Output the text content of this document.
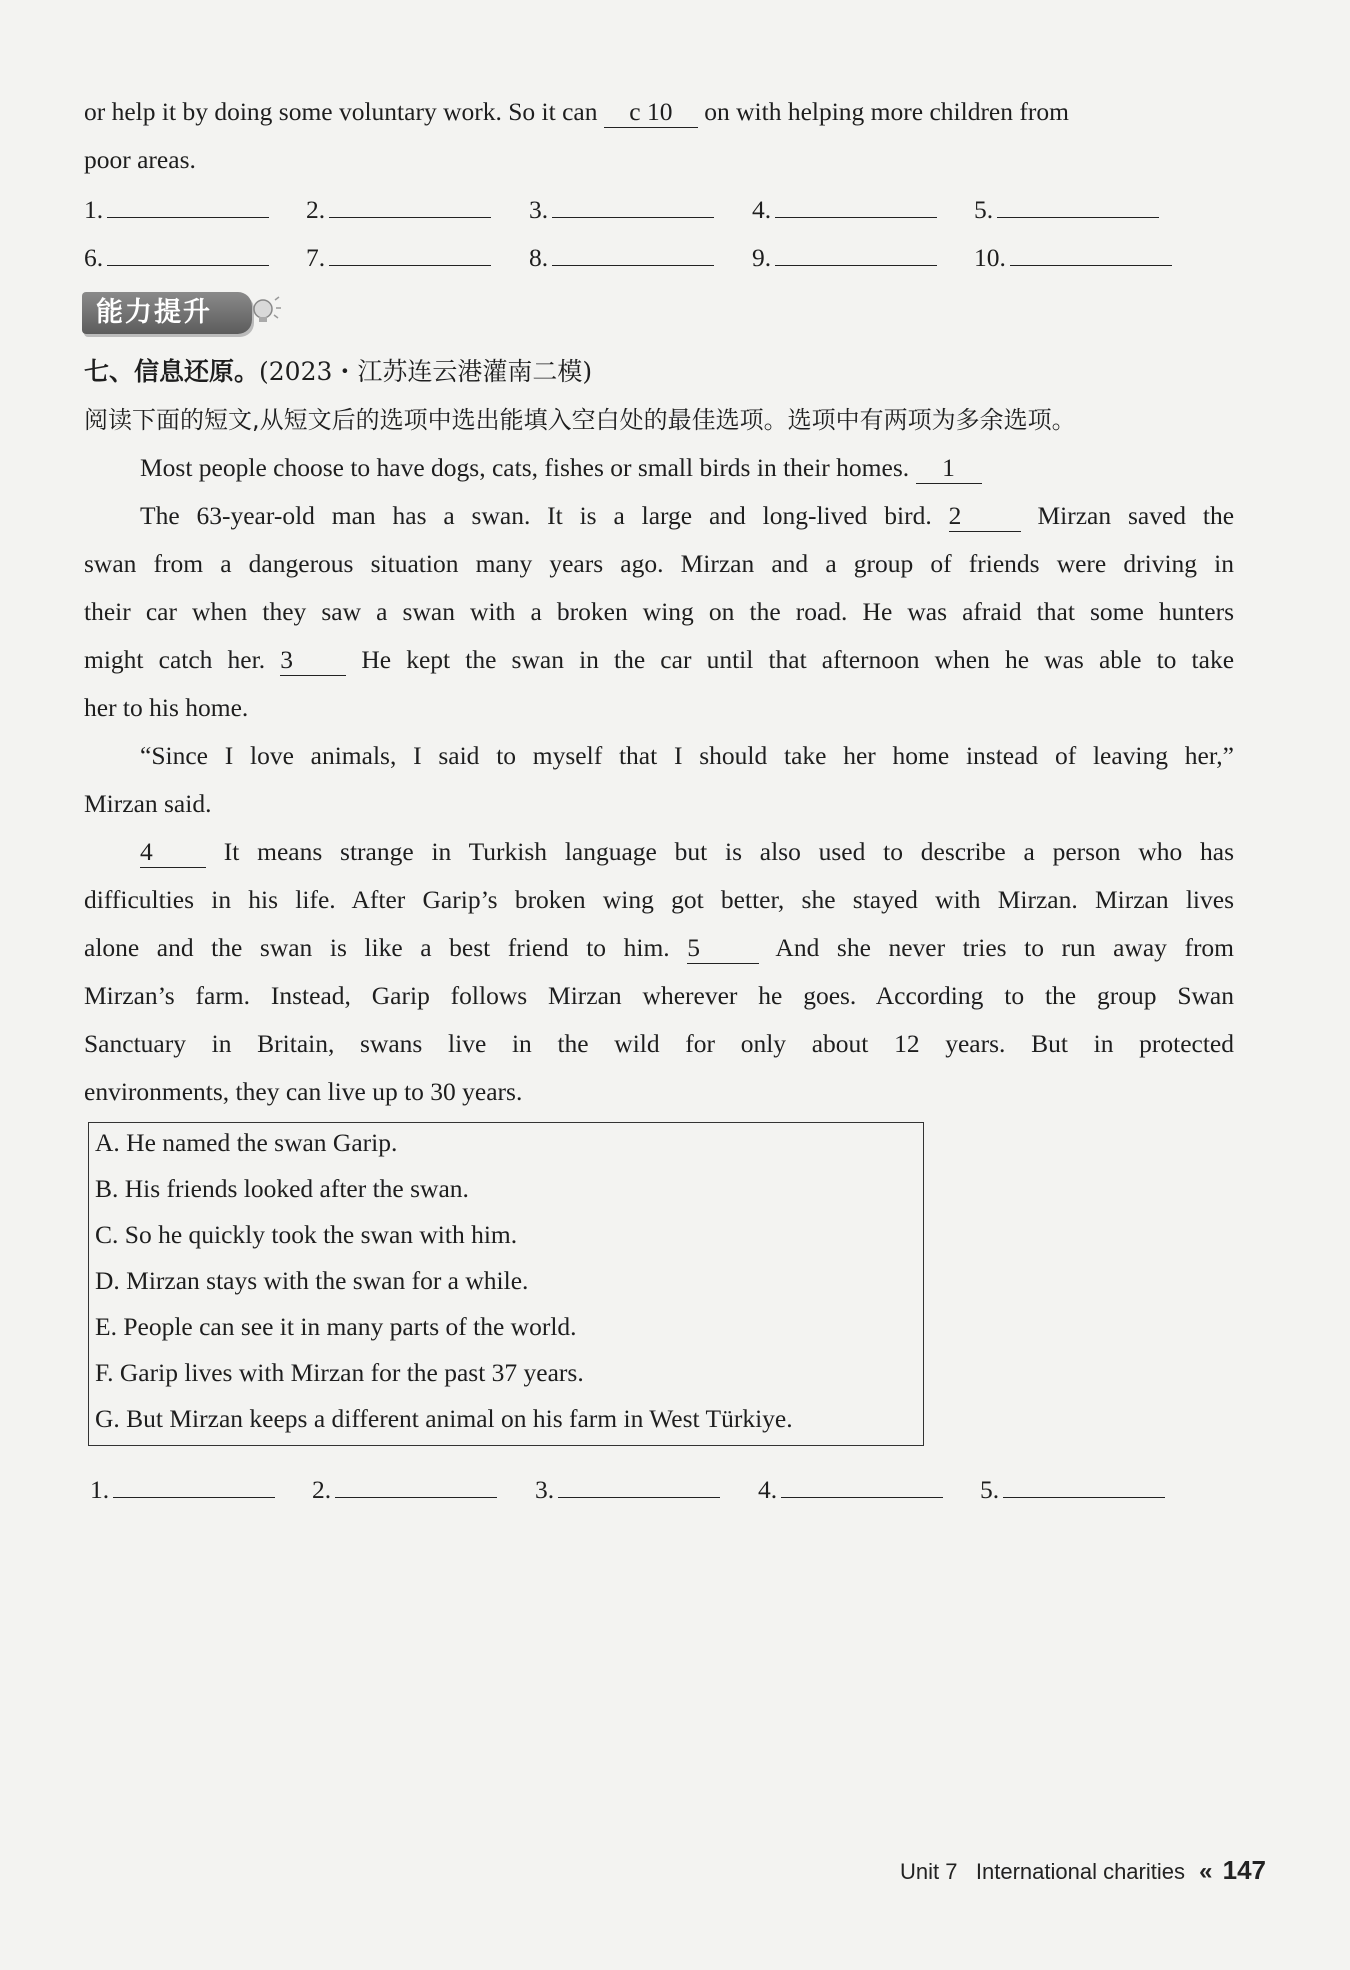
or help it by doing some voluntary work. So it can c 10 on with helping more children from
poor areas.
1.	2.	3.	4.	5.
6.	7.	8.	9.	10.
能力提升
七、信息还原。(2023・江苏连云港灌南二模)
阅读下面的短文,从短文后的选项中选出能填入空白处的最佳选项。选项中有两项为多余选项。
Most people choose to have dogs, cats, fishes or small birds in their homes. 1
The 63-year-old man has a swan. It is a large and long-lived bird. 2	Mirzan saved the
swan from a dangerous situation many years ago. Mirzan and a group of friends were driving in
their car when they saw a swan with a broken wing on the road. He was afraid that some hunters
might catch her. 3	He kept the swan in the car until that afternoon when he was able to take
her to his home.
“Since I love animals, I said to myself that I should take her home instead of leaving her,”
Mirzan said.
4	It means strange in Turkish language but is also used to describe a person who has
difficulties in his life. After Garip’s broken wing got better, she stayed with Mirzan. Mirzan lives
alone and the swan is like a best friend to him. 5	And she never tries to run away from
Mirzan’s farm. Instead, Garip follows Mirzan wherever he goes. According to the group Swan
Sanctuary in Britain, swans live in the wild for only about 12 years. But in protected
environments, they can live up to 30 years.
A. He named the swan Garip.
B. His friends looked after the swan.
C. So he quickly took the swan with him.
D. Mirzan stays with the swan for a while.
E. People can see it in many parts of the world.
F. Garip lives with Mirzan for the past 37 years.
G. But Mirzan keeps a different animal on his farm in West Türkiye.
1.	2.	3.	4.	5.
Unit 7 International charities « 147
